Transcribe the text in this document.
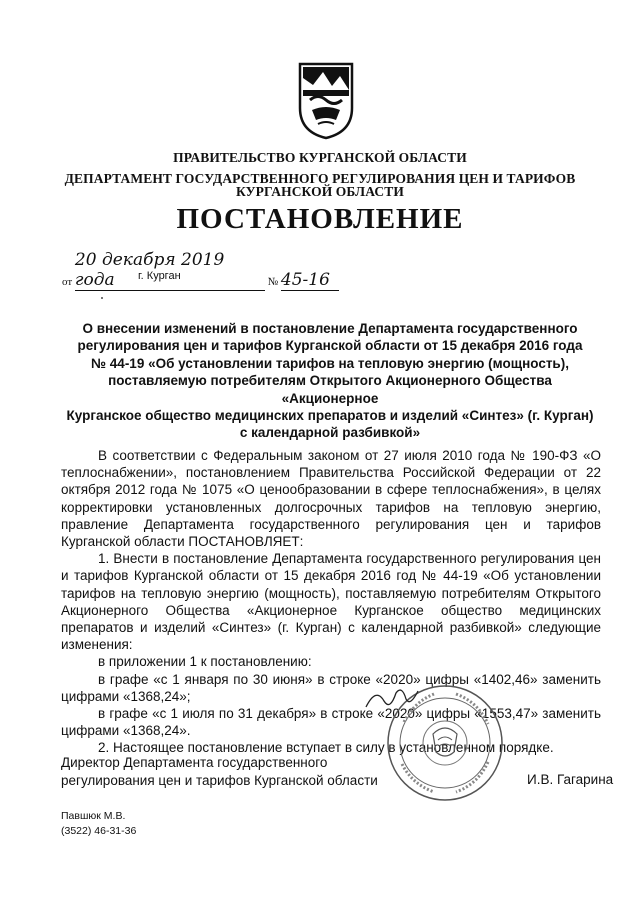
ПРАВИТЕЛЬСТВО КУРГАНСКОЙ ОБЛАСТИ
ДЕПАРТАМЕНТ ГОСУДАРСТВЕННОГО РЕГУЛИРОВАНИЯ ЦЕН И ТАРИФОВ
КУРГАНСКОЙ ОБЛАСТИ
ПОСТАНОВЛЕНИЕ
от 20 декабря 2019 года	№ 45-16
г. Курган
О внесении изменений в постановление Департамента государственного
регулирования цен и тарифов Курганской области от 15 декабря 2016 года
№ 44-19 «Об установлении тарифов на тепловую энергию (мощность),
поставляемую потребителям Открытого Акционерного Общества «Акционерное
Курганское общество медицинских препаратов и изделий «Синтез» (г. Курган)
с календарной разбивкой»

В соответствии с Федеральным законом от 27 июля 2010 года № 190-ФЗ «О теплоснабжении», постановлением Правительства Российской Федерации от 22 октября 2012 года № 1075 «О ценообразовании в сфере теплоснабжения», в целях корректировки установленных долгосрочных тарифов на тепловую энергию, правление Департамента государственного регулирования цен и тарифов Курганской области ПОСТАНОВЛЯЕТ:

1. Внести в постановление Департамента государственного регулирования цен и тарифов Курганской области от 15 декабря 2016 год № 44-19 «Об установлении тарифов на тепловую энергию (мощность), поставляемую потребителям Открытого Акционерного Общества «Акционерное Курганское общество медицинских препаратов и изделий «Синтез» (г. Курган) с календарной разбивкой» следующие изменения:

в приложении 1 к постановлению:

в графе «с 1 января по 30 июня» в строке «2020» цифры «1402,46» заменить цифрами «1368,24»;

в графе «с 1 июля по 31 декабря» в строке «2020» цифры «1553,47» заменить цифрами «1368,24».

2. Настоящее постановление вступает в силу в установленном порядке.

Директор Департамента государственного
регулирования цен и тарифов Курганской области	И.В. Гагарина
Павшюк М.В.
(3522) 46-31-36
